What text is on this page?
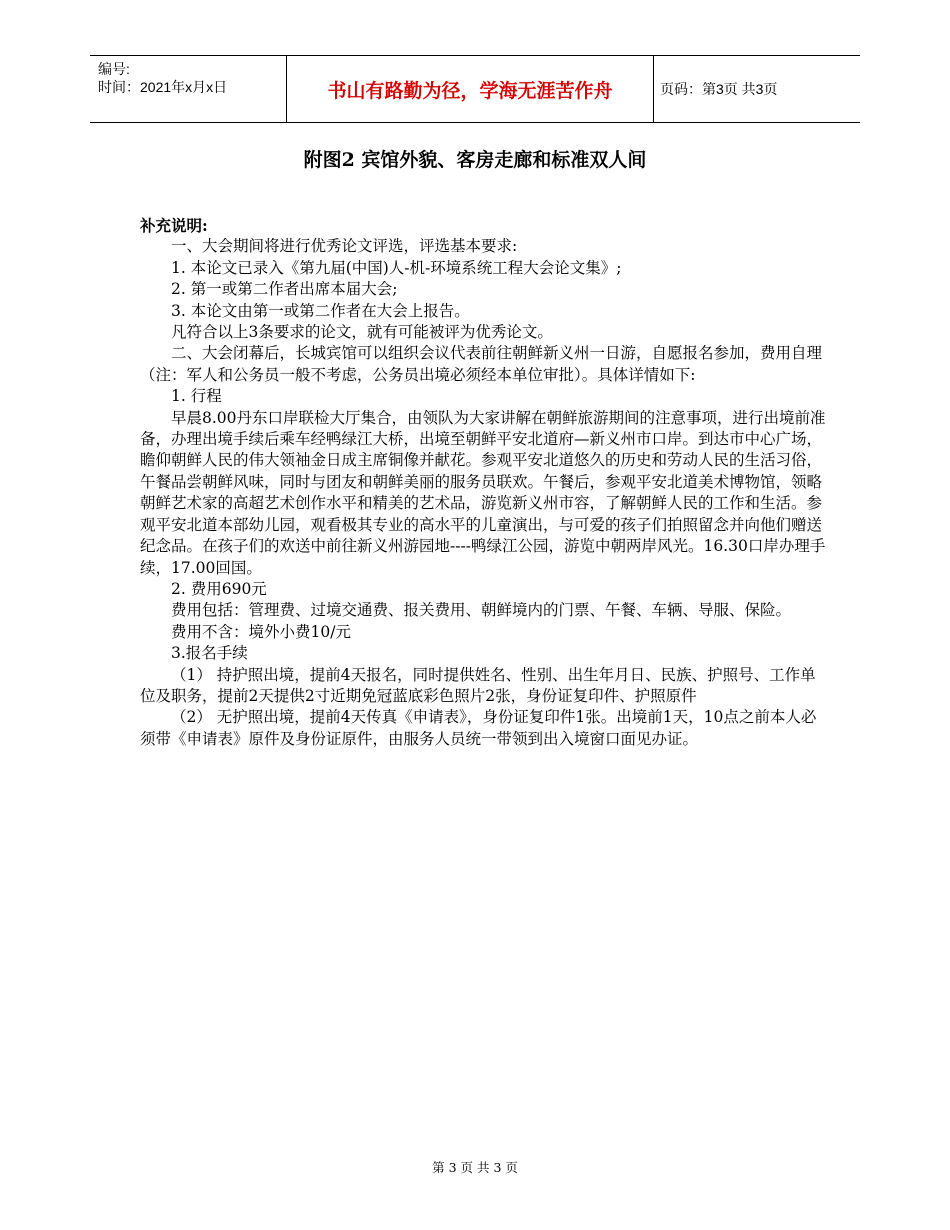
编号:
时间：2021年x月x日	书山有路勤为径，学海无涯苦作舟	页码：第3页 共3页
附图2 宾馆外貌、客房走廊和标准双人间

补充说明:

一、大会期间将进行优秀论文评选，评选基本要求:

1. 本论文已录入《第九届(中国)人-机-环境系统工程大会论文集》;

2. 第一或第二作者出席本届大会;

3. 本论文由第一或第二作者在大会上报告。

凡符合以上3条要求的论文，就有可能被评为优秀论文。

二、大会闭幕后，长城宾馆可以组织会议代表前往朝鲜新义州一日游，自愿报名参加，费用自理（注：军人和公务员一般不考虑，公务员出境必须经本单位审批）。具体详情如下:

1. 行程

早晨8.00丹东口岸联检大厅集合，由领队为大家讲解在朝鲜旅游期间的注意事项，进行出境前准备，办理出境手续后乘车经鸭绿江大桥，出境至朝鲜平安北道府—新义州市口岸。到达市中心广场，瞻仰朝鲜人民的伟大领袖金日成主席铜像并献花。参观平安北道悠久的历史和劳动人民的生活习俗，午餐品尝朝鲜风味，同时与团友和朝鲜美丽的服务员联欢。午餐后，参观平安北道美术博物馆，领略朝鲜艺术家的高超艺术创作水平和精美的艺术品，游览新义州市容，了解朝鲜人民的工作和生活。参观平安北道本部幼儿园，观看极其专业的高水平的儿童演出，与可爱的孩子们拍照留念并向他们赠送纪念品。在孩子们的欢送中前往新义州游园地----鸭绿江公园，游览中朝两岸风光。16.30口岸办理手续，17.00回国。

2. 费用690元

费用包括：管理费、过境交通费、报关费用、朝鲜境内的门票、午餐、车辆、导服、保险。

费用不含：境外小费10/元

3.报名手续

（1） 持护照出境，提前4天报名，同时提供姓名、性别、出生年月日、民族、护照号、工作单位及职务，提前2天提供2寸近期免冠蓝底彩色照片2张，身份证复印件、护照原件

（2） 无护照出境，提前4天传真《申请表》，身份证复印件1张。出境前1天，10点之前本人必须带《申请表》原件及身份证原件，由服务人员统一带领到出入境窗口面见办证。

第 3 页 共 3 页
